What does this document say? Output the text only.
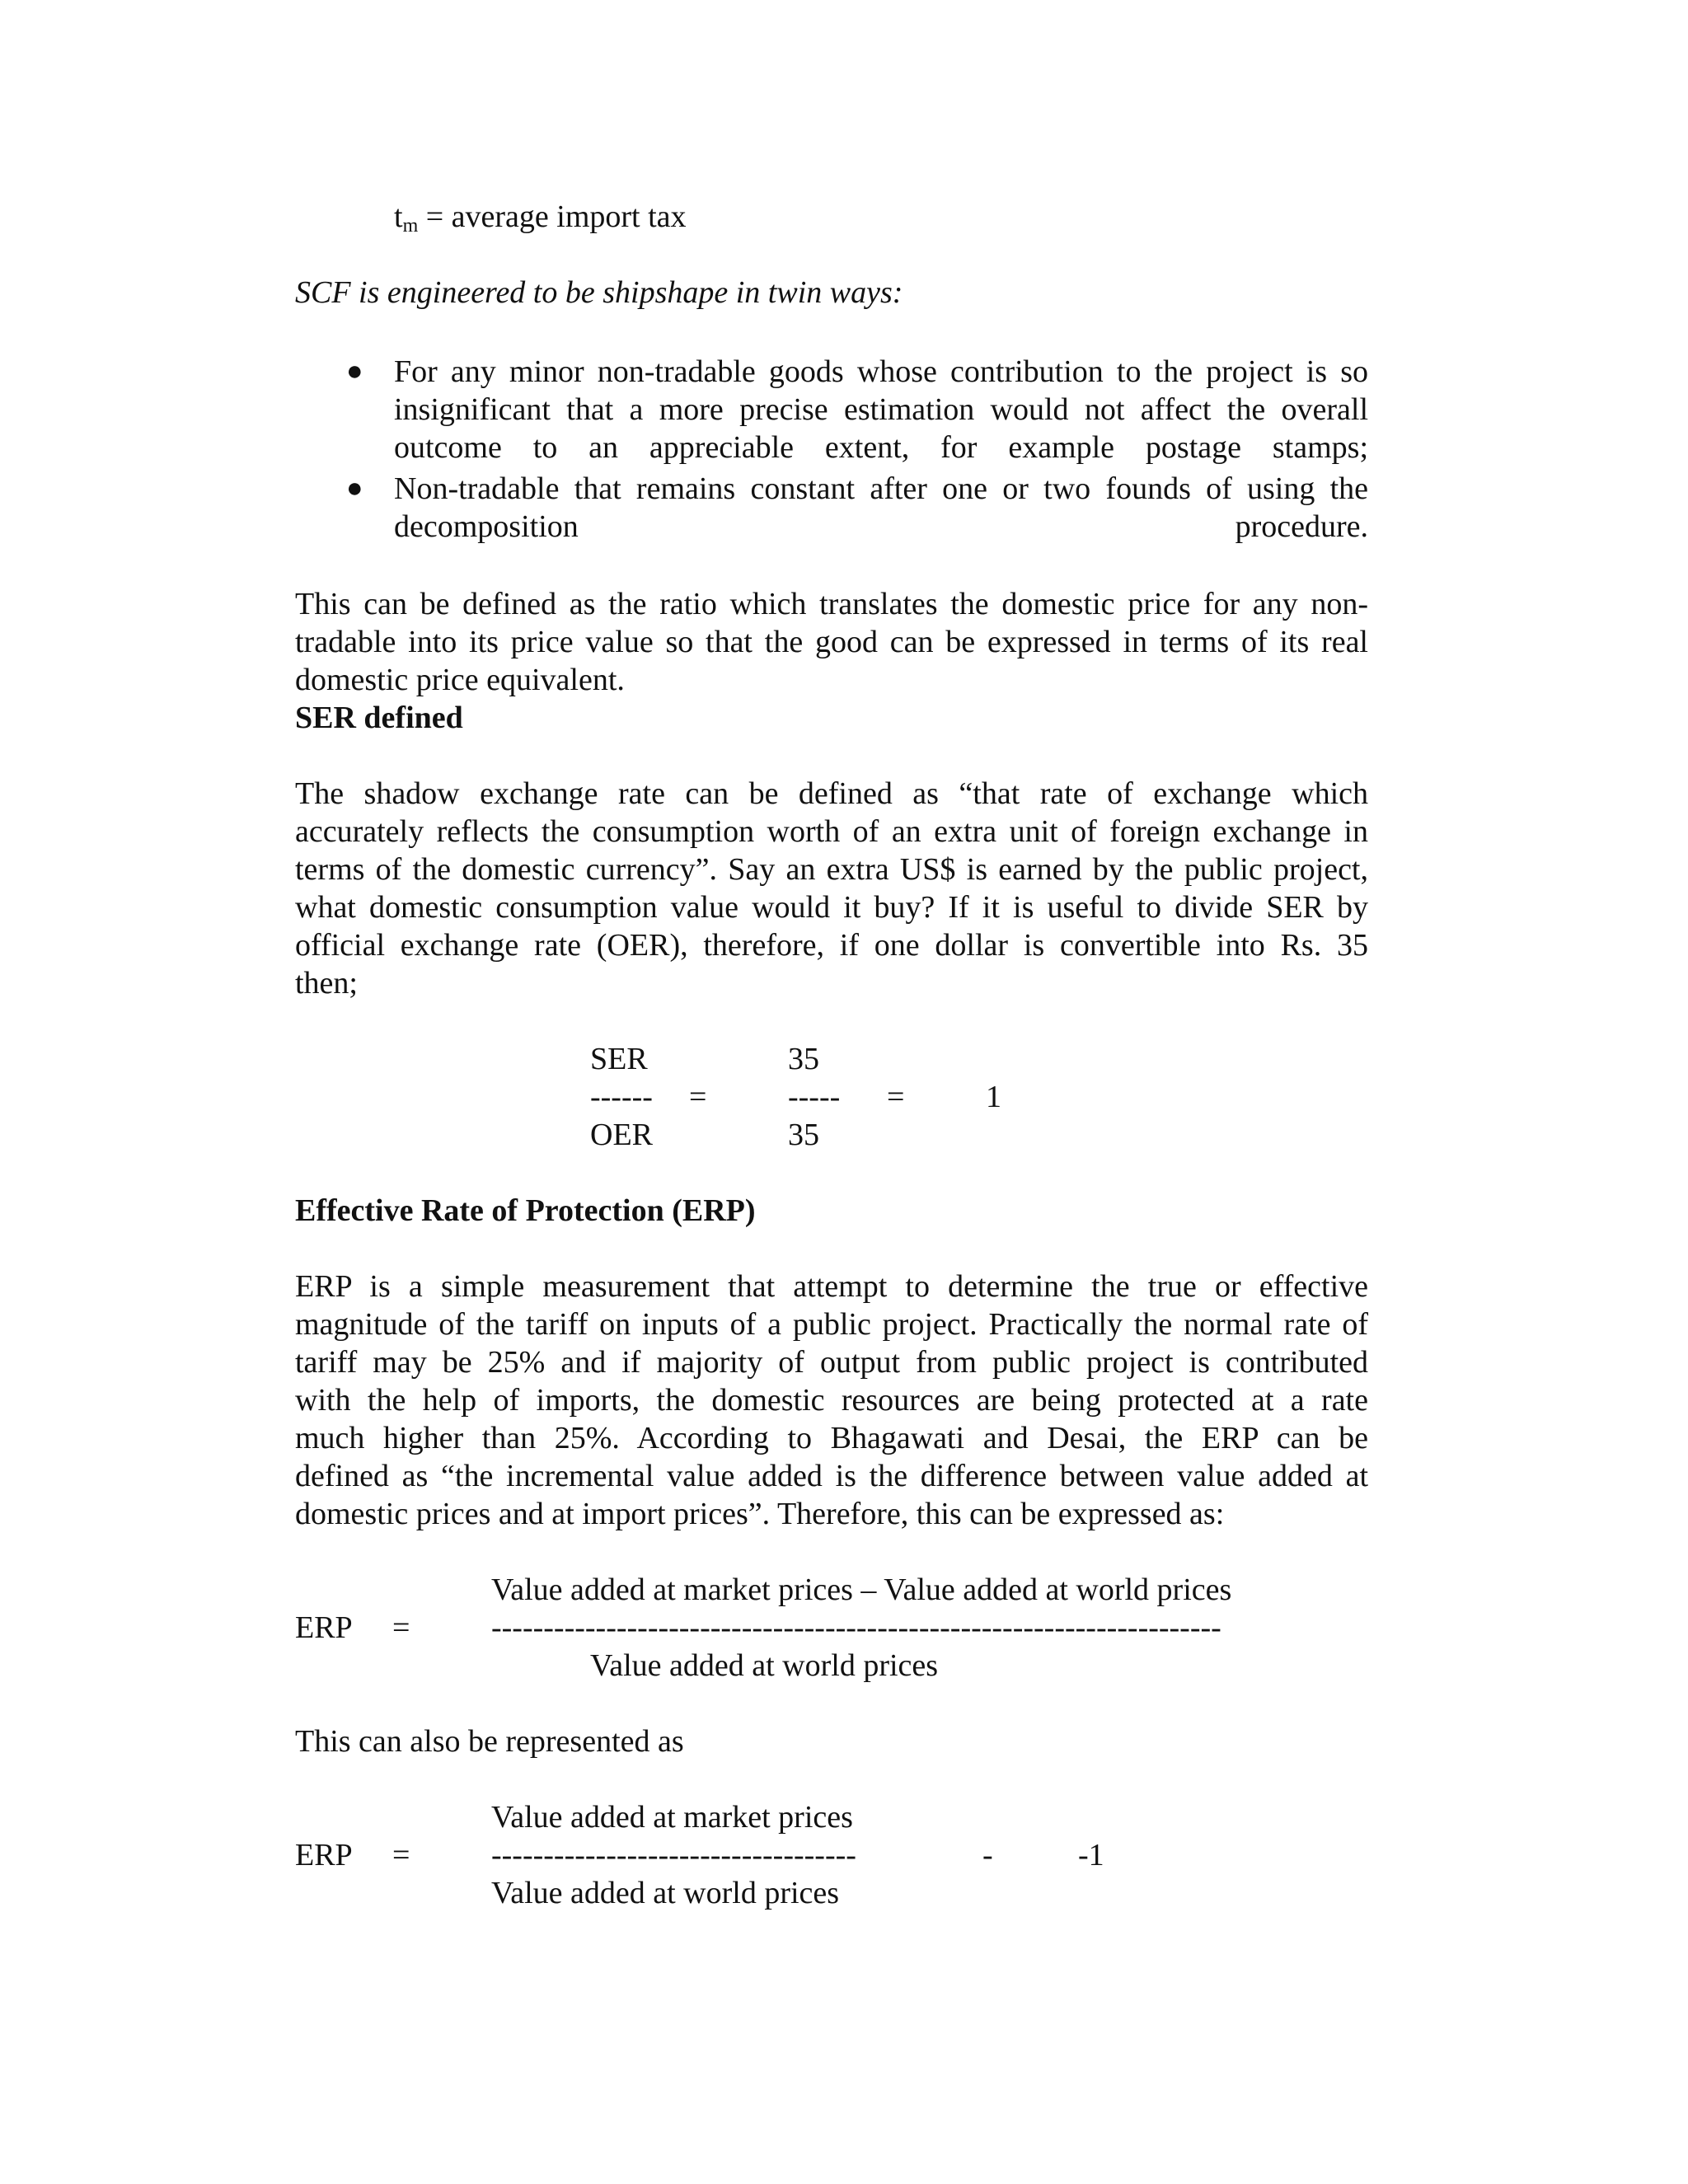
$t_m$ = average import tax
SCF is engineered to be shipshape in twin ways:
● For any minor non-tradable goods whose contribution to the project is so
insignificant that a more precise estimation would not affect the overall
outcome to an appreciable extent, for example postage stamps;
● Non-tradable that remains constant after one or two founds of using the
decomposition procedure.
This can be defined as the ratio which translates the domestic price for any non-
tradable into its price value so that the good can be expressed in terms of its real
domestic price equivalent.
SER defined
The shadow exchange rate can be defined as “that rate of exchange which
accurately reflects the consumption worth of an extra unit of foreign exchange in
terms of the domestic currency”. Say an extra US$ is earned by the public project,
what domestic consumption value would it buy? If it is useful to divide SER by
official exchange rate (OER), therefore, if one dollar is convertible into Rs. 35
then;
SER
------ =
OER
35
----- =
35
1
Effective Rate of Protection (ERP)
ERP is a simple measurement that attempt to determine the true or effective
magnitude of the tariff on inputs of a public project. Practically the normal rate of
tariff may be 25% and if majority of output from public project is contributed
with the help of imports, the domestic resources are being protected at a rate
much higher than 25%. According to Bhagawati and Desai, the ERP can be
defined as “the incremental value added is the difference between value added at
domestic prices and at import prices”. Therefore, this can be expressed as:
Value added at market prices – Value added at world prices
ERP =	----------------------------------------------------------------------
Value added at world prices
This can also be represented as
Value added at market prices
ERP =	-----------------------------------	-	-1
Value added at world prices
